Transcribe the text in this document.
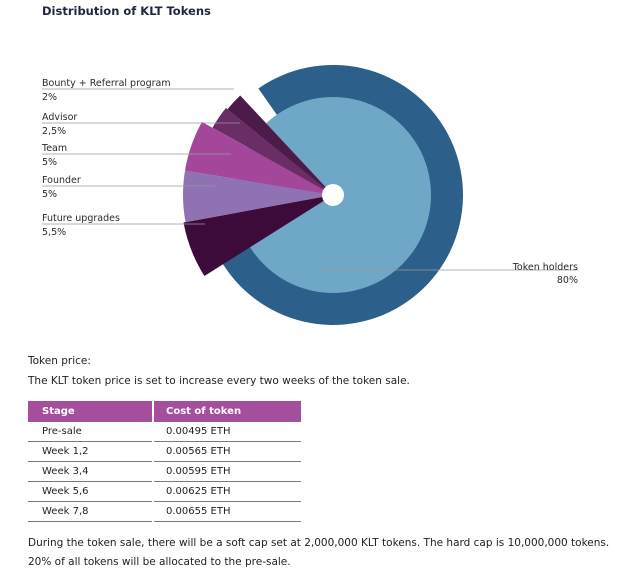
Distribution of KLT Tokens
Bounty + Referral program
2%
Advisor
2,5%
Team
5%
Founder
5%
Future upgrades
5,5%
Token holders
80%
Token price:
The KLT token price is set to increase every two weeks of the token sale.
Stage	Cost of token
Pre-sale	0.00495 ETH
Week 1,2	0.00565 ETH
Week 3,4	0.00595 ETH
Week 5,6	0.00625 ETH
Week 7,8	0.00655 ETH
During the token sale, there will be a soft cap set at 2,000,000 KLT tokens. The hard cap is 10,000,000 tokens.
20% of all tokens will be allocated to the pre-sale.
